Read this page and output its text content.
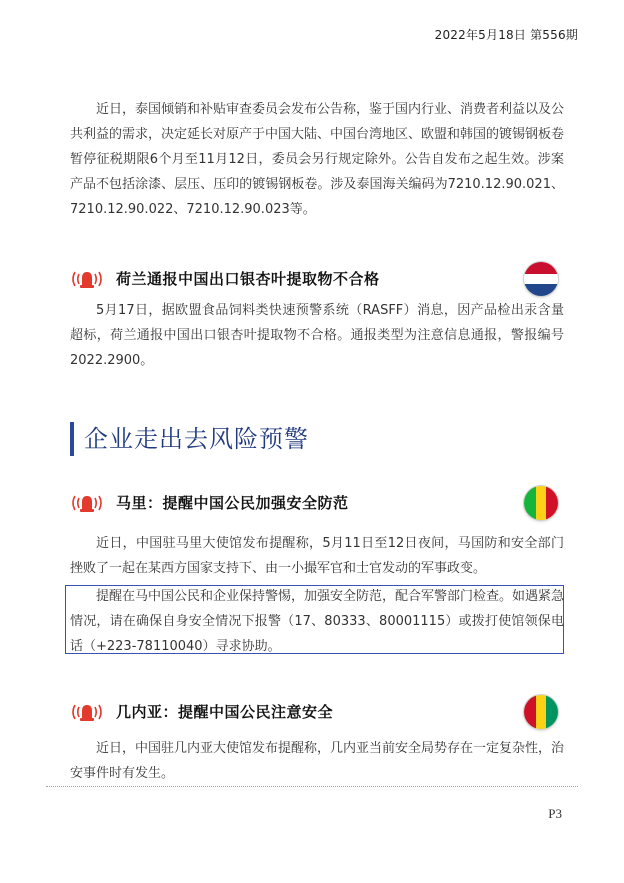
2022年5月18日 第556期

近日，泰国倾销和补贴审查委员会发布公告称，鉴于国内行业、消费者利益以及公共利益的需求，决定延长对原产于中国大陆、中国台湾地区、欧盟和韩国的镀锡钢板卷暂停征税期限6个月至11月12日，委员会另行规定除外。公告自发布之起生效。涉案产品不包括涂漆、层压、压印的镀锡钢板卷。涉及泰国海关编码为7210.12.90.021、7210.12.90.022、7210.12.90.023等。

荷兰通报中国出口银杏叶提取物不合格

5月17日，据欧盟食品饲料类快速预警系统（RASFF）消息，因产品检出汞含量超标，荷兰通报中国出口银杏叶提取物不合格。通报类型为注意信息通报，警报编号2022.2900。

企业走出去风险预警
马里：提醒中国公民加强安全防范

近日，中国驻马里大使馆发布提醒称，5月11日至12日夜间，马国防和安全部门挫败了一起在某西方国家支持下、由一小撮军官和士官发动的军事政变。

提醒在马中国公民和企业保持警惕，加强安全防范，配合军警部门检查。如遇紧急情况，请在确保自身安全情况下报警（17、80333、80001115）或拨打使馆领保电话（+223-78110040）寻求协助。

几内亚：提醒中国公民注意安全

近日，中国驻几内亚大使馆发布提醒称，几内亚当前安全局势存在一定复杂性，治安事件时有发生。

P3
